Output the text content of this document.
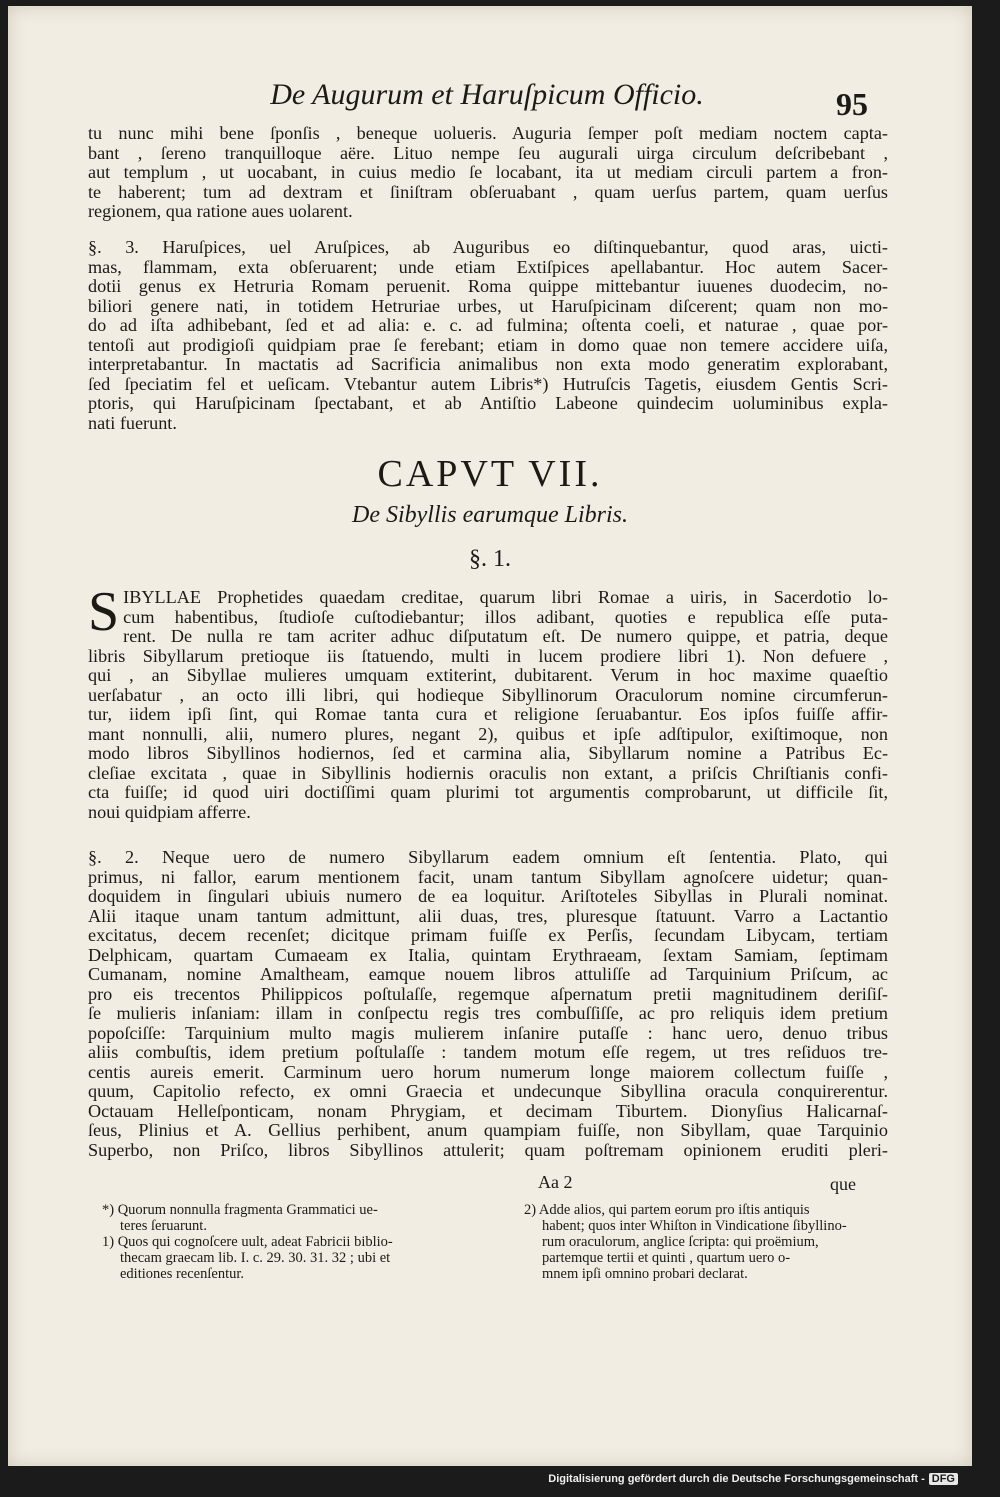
De Augurum et Haruſpicum Officio.	95
tu nunc mihi bene ſponſis , beneque uolueris. Auguria ſemper poſt mediam noctem capta-
bant , ſereno tranquilloque aëre. Lituo nempe ſeu augurali uirga circulum deſcribebant ,
aut templum , ut uocabant, in cuius medio ſe locabant, ita ut mediam circuli partem a fron-
te haberent; tum ad dextram et ſiniſtram obſeruabant , quam uerſus partem, quam uerſus
regionem, qua ratione aues uolarent.
§. 3. Haruſpices, uel Aruſpices, ab Auguribus eo diſtinquebantur, quod aras, uicti-
mas, flammam, exta obſeruarent; unde etiam Extiſpices apellabantur. Hoc autem Sacer-
dotii genus ex Hetruria Romam peruenit. Roma quippe mittebantur iuuenes duodecim, no-
biliori genere nati, in totidem Hetruriae urbes, ut Haruſpicinam diſcerent; quam non mo-
do ad iſta adhibebant, ſed et ad alia: e. c. ad fulmina; oſtenta coeli, et naturae , quae por-
tentoſi aut prodigioſi quidpiam prae ſe ferebant; etiam in domo quae non temere accidere uiſa,
interpretabantur. In mactatis ad Sacrificia animalibus non exta modo generatim explorabant,
ſed ſpeciatim fel et ueſicam. Vtebantur autem Libris*) Hutruſcis Tagetis, eiusdem Gentis Scri-
ptoris, qui Haruſpicinam ſpectabant, et ab Antiſtio Labeone quindecim uoluminibus expla-
nati fuerunt.
CAPVT VII.
De Sibyllis earumque Libris.
§. 1.
S IBYLLAE Prophetides quaedam creditae, quarum libri Romae a uiris, in Sacerdotio lo-
cum habentibus, ſtudioſe cuſtodiebantur; illos adibant, quoties e republica eſſe puta-
rent. De nulla re tam acriter adhuc diſputatum eſt. De numero quippe, et patria, deque
libris Sibyllarum pretioque iis ſtatuendo, multi in lucem prodiere libri 1). Non defuere ,
qui , an Sibyllae mulieres umquam extiterint, dubitarent. Verum in hoc maxime quaeſtio
uerſabatur , an octo illi libri, qui hodieque Sibyllinorum Oraculorum nomine circumferun-
tur, iidem ipſi ſint, qui Romae tanta cura et religione ſeruabantur. Eos ipſos fuiſſe affir-
mant nonnulli, alii, numero plures, negant 2), quibus et ipſe adſtipulor, exiſtimoque, non
modo libros Sibyllinos hodiernos, ſed et carmina alia, Sibyllarum nomine a Patribus Ec-
cleſiae excitata , quae in Sibyllinis hodiernis oraculis non extant, a priſcis Chriſtianis confi-
cta fuiſſe; id quod uiri doctiſſimi quam plurimi tot argumentis comprobarunt, ut difficile ſit,
noui quidpiam afferre.
§. 2. Neque uero de numero Sibyllarum eadem omnium eſt ſententia. Plato, qui
primus, ni fallor, earum mentionem facit, unam tantum Sibyllam agnoſcere uidetur; quan-
doquidem in ſingulari ubiuis numero de ea loquitur. Ariſtoteles Sibyllas in Plurali nominat.
Alii itaque unam tantum admittunt, alii duas, tres, pluresque ſtatuunt. Varro a Lactantio
excitatus, decem recenſet; dicitque primam fuiſſe ex Perſis, ſecundam Libycam, tertiam
Delphicam, quartam Cumaeam ex Italia, quintam Erythraeam, ſextam Samiam, ſeptimam
Cumanam, nomine Amaltheam, eamque nouem libros attuliſſe ad Tarquinium Priſcum, ac
pro eis trecentos Philippicos poſtulaſſe, regemque aſpernatum pretii magnitudinem deriſiſ-
ſe mulieris inſaniam: illam in conſpectu regis tres combuſſiſſe, ac pro reliquis idem pretium
popoſciſſe: Tarquinium multo magis mulierem inſanire putaſſe : hanc uero, denuo tribus
aliis combuſtis, idem pretium poſtulaſſe : tandem motum eſſe regem, ut tres reſiduos tre-
centis aureis emerit. Carminum uero horum numerum longe maiorem collectum fuiſſe ,
quum, Capitolio refecto, ex omni Graecia et undecunque Sibyllina oracula conquirerentur.
Octauam Helleſponticam, nonam Phrygiam, et decimam Tiburtem. Dionyſius Halicarnaſ-
ſeus, Plinius et A. Gellius perhibent, anum quampiam fuiſſe, non Sibyllam, quae Tarquinio
Superbo, non Priſco, libros Sibyllinos attulerit; quam poſtremam opinionem eruditi pleri-
Aa 2	que
*) Quorum nonnulla fragmenta Grammatici ue-
teres ſeruarunt.
1) Quos qui cognoſcere uult, adeat Fabricii biblio-
thecam graecam lib. I. c. 29. 30. 31. 32 ; ubi et
editiones recenſentur.
2) Adde alios, qui partem eorum pro iſtis antiquis
habent; quos inter Whiſton in Vindicatione ſibyllino-
rum oraculorum, anglice ſcripta: qui proëmium,
partemque tertii et quinti , quartum uero o-
mnem ipſi omnino probari declarat.
Digitalisierung gefördert durch die Deutsche Forschungsgemeinschaft - DFG
